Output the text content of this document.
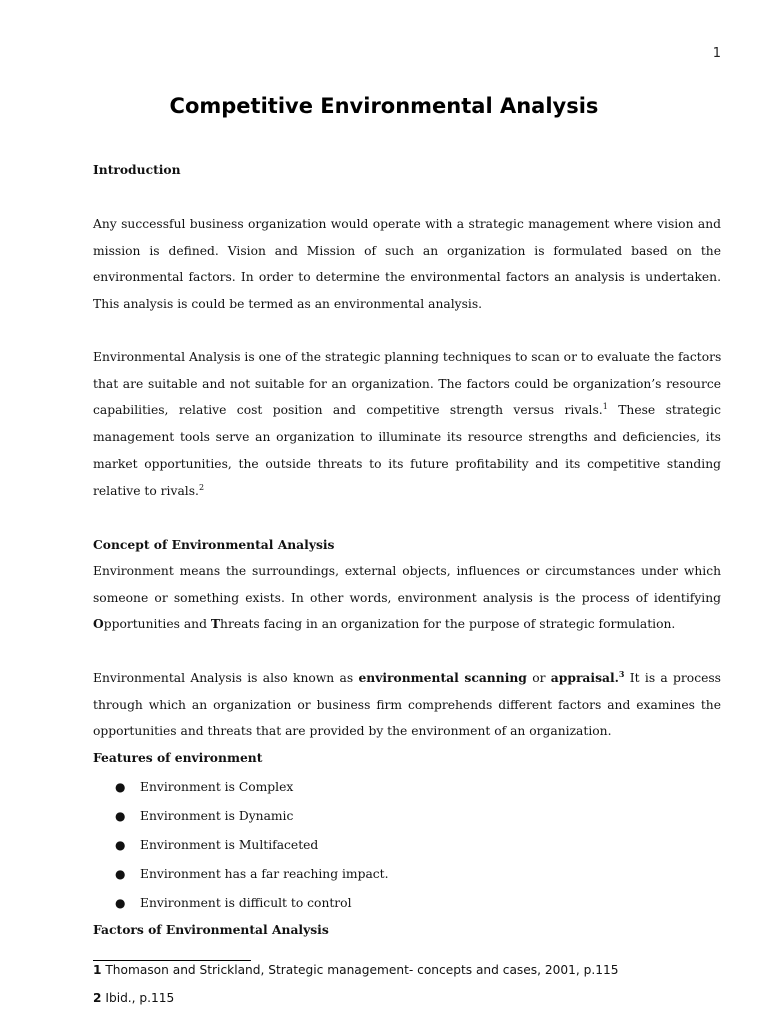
1
Competitive Environmental Analysis
Introduction
Any successful business organization would operate with a strategic management where vision and
mission is defined. Vision and Mission of such an organization is formulated based on the
environmental factors. In order to determine the environmental factors an analysis is undertaken.
This analysis is could be termed as an environmental analysis.
Environmental Analysis is one of the strategic planning techniques to scan or to evaluate the factors
that are suitable and not suitable for an organization. The factors could be organization’s resource
capabilities, relative cost position and competitive strength versus rivals.$^1$ These strategic
management tools serve an organization to illuminate its resource strengths and deficiencies, its
market opportunities, the outside threats to its future profitability and its competitive standing
relative to rivals.$^2$
Concept of Environmental Analysis
Environment means the surroundings, external objects, influences or circumstances under which
someone or something exists. In other words, environment analysis is the process of identifying
Opportunities and Threats facing in an organization for the purpose of strategic formulation.
Environmental Analysis is also known as environmental scanning or appraisal.$^3$ It is a process
through which an organization or business firm comprehends different factors and examines the
opportunities and threats that are provided by the environment of an organization.
Features of environment
● Environment is Complex
● Environment is Dynamic
● Environment is Multifaceted
● Environment has a far reaching impact.
● Environment is difficult to control
Factors of Environmental Analysis
1 Thomason and Strickland, Strategic management- concepts and cases, 2001, p.115
2 Ibid., p.115
